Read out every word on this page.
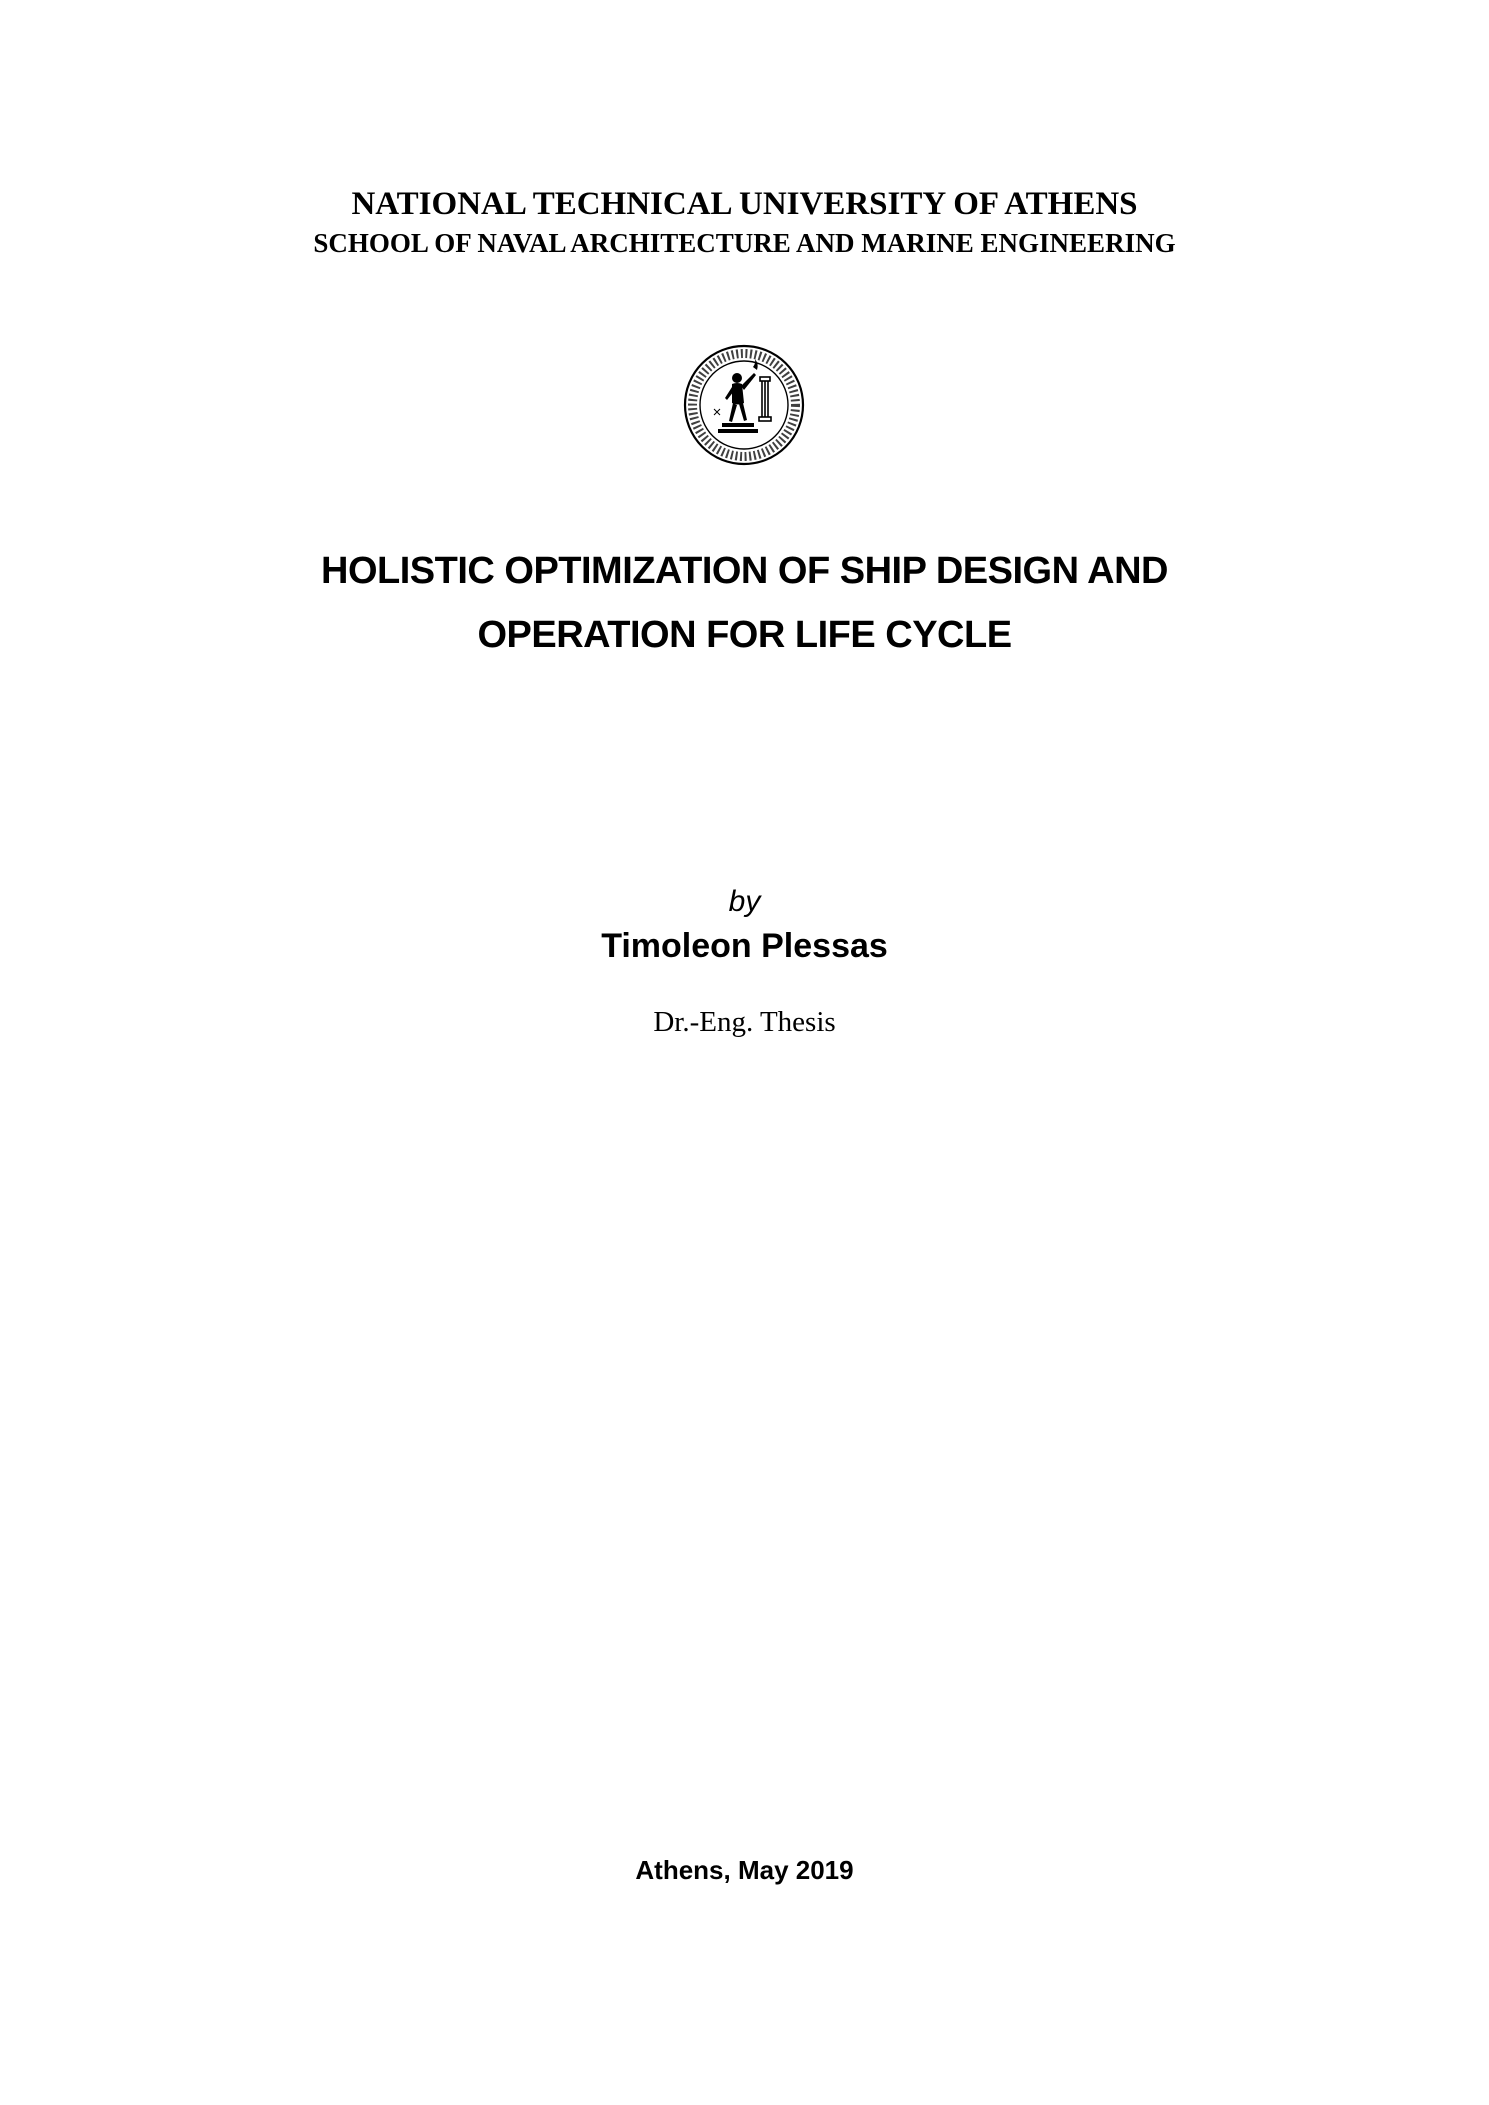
NATIONAL TECHNICAL UNIVERSITY OF ATHENS
SCHOOL OF NAVAL ARCHITECTURE AND MARINE ENGINEERING
HOLISTIC OPTIMIZATION OF SHIP DESIGN AND
OPERATION FOR LIFE CYCLE
by
Timoleon Plessas
Dr.-Eng. Thesis
Athens, May 2019
